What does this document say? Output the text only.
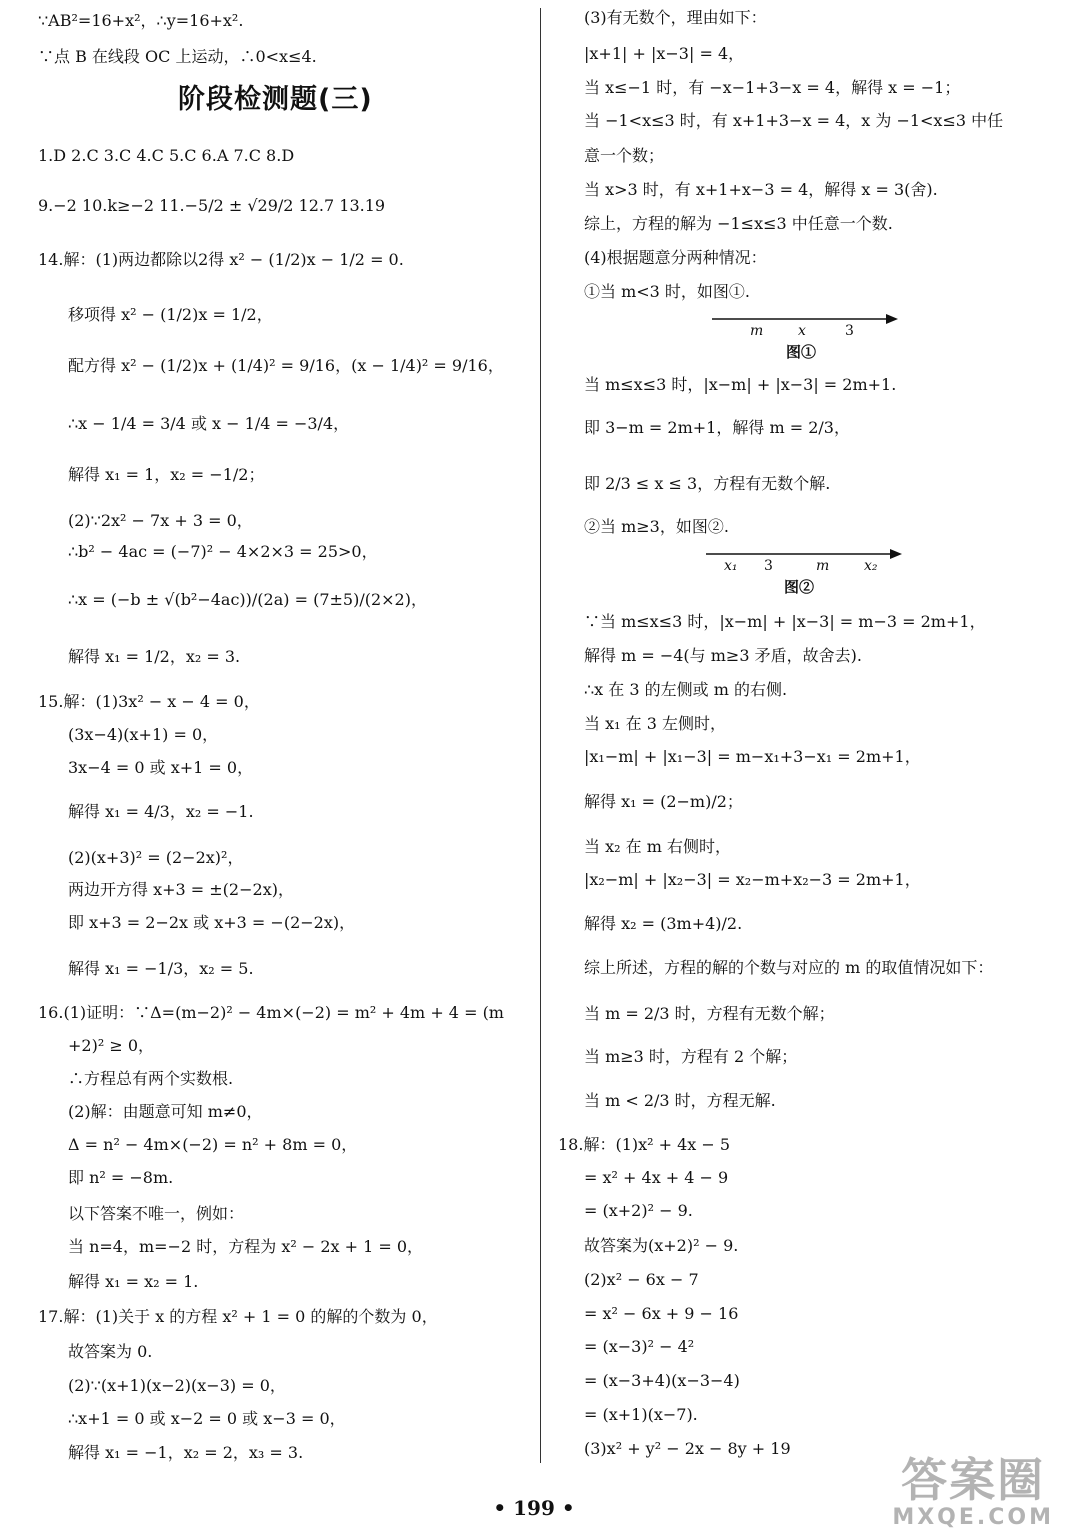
∵AB²=16+x²，∴y=16+x².
∵点 B 在线段 OC 上运动，∴0<x≤4.
阶段检测题(三)
1.D 2.C 3.C 4.C 5.C 6.A 7.C 8.D
9.−2 10.k≥−2 11.−5/2 ± √29/2 12.7 13.19
14.解：(1)两边都除以2得 x² − (1/2)x − 1/2 = 0.
移项得 x² − (1/2)x = 1/2，
配方得 x² − (1/2)x + (1/4)² = 9/16，(x − 1/4)² = 9/16，
∴x − 1/4 = 3/4 或 x − 1/4 = −3/4，
解得 x₁ = 1，x₂ = −1/2；
(2)∵2x² − 7x + 3 = 0，
∴b² − 4ac = (−7)² − 4×2×3 = 25>0，
∴x = (−b ± √(b²−4ac))/(2a) = (7±5)/(2×2)，
解得 x₁ = 1/2，x₂ = 3.
15.解：(1)3x² − x − 4 = 0，
(3x−4)(x+1) = 0，
3x−4 = 0 或 x+1 = 0，
解得 x₁ = 4/3，x₂ = −1.
(2)(x+3)² = (2−2x)²，
两边开方得 x+3 = ±(2−2x)，
即 x+3 = 2−2x 或 x+3 = −(2−2x)，
解得 x₁ = −1/3，x₂ = 5.
16.(1)证明：∵Δ=(m−2)² − 4m×(−2) = m² + 4m + 4 = (m
+2)² ≥ 0，
∴方程总有两个实数根.
(2)解：由题意可知 m≠0，
Δ = n² − 4m×(−2) = n² + 8m = 0，
即 n² = −8m.
以下答案不唯一，例如：
当 n=4，m=−2 时，方程为 x² − 2x + 1 = 0，
解得 x₁ = x₂ = 1.
17.解：(1)关于 x 的方程 x² + 1 = 0 的解的个数为 0，
故答案为 0.
(2)∵(x+1)(x−2)(x−3) = 0，
∴x+1 = 0 或 x−2 = 0 或 x−3 = 0，
解得 x₁ = −1，x₂ = 2，x₃ = 3.
(3)有无数个，理由如下：
|x+1| + |x−3| = 4，
当 x≤−1 时，有 −x−1+3−x = 4，解得 x = −1；
当 −1<x≤3 时，有 x+1+3−x = 4，x 为 −1<x≤3 中任
意一个数；
当 x>3 时，有 x+1+x−3 = 4，解得 x = 3(舍).
综上，方程的解为 −1≤x≤3 中任意一个数.
(4)根据题意分两种情况：
①当 m<3 时，如图①.
m x	3
图①
当 m≤x≤3 时，|x−m| + |x−3| = 2m+1.
即 3−m = 2m+1，解得 m = 2/3，
即 2/3 ≤ x ≤ 3，方程有无数个解.
②当 m≥3，如图②.
x₁ 3	m x₂
图②
∵当 m≤x≤3 时，|x−m| + |x−3| = m−3 = 2m+1，
解得 m = −4(与 m≥3 矛盾，故舍去).
∴x 在 3 的左侧或 m 的右侧.
当 x₁ 在 3 左侧时，
|x₁−m| + |x₁−3| = m−x₁+3−x₁ = 2m+1，
解得 x₁ = (2−m)/2；
当 x₂ 在 m 右侧时，
|x₂−m| + |x₂−3| = x₂−m+x₂−3 = 2m+1，
解得 x₂ = (3m+4)/2.
综上所述，方程的解的个数与对应的 m 的取值情况如下：
当 m = 2/3 时，方程有无数个解；
当 m≥3 时，方程有 2 个解；
当 m < 2/3 时，方程无解.
18.解：(1)x² + 4x − 5
= x² + 4x + 4 − 9
= (x+2)² − 9.
故答案为(x+2)² − 9.
(2)x² − 6x − 7
= x² − 6x + 9 − 16
= (x−3)² − 4²
= (x−3+4)(x−3−4)
= (x+1)(x−7).
(3)x² + y² − 2x − 8y + 19
• 199 •
答案圈
MXQE.COM
